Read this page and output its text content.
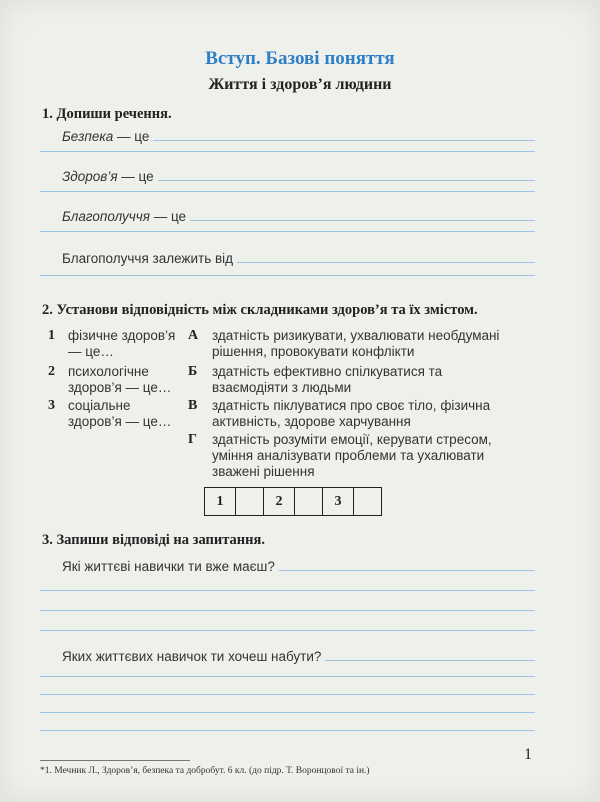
Вступ. Базові поняття
Життя і здоров’я людини
1. Допиши речення.
Безпека — це
Здоров’я — це
Благополуччя — це
Благополуччя залежить від
2. Установи відповідність між складниками здоров’я та їх змістом.
1 фізичне здоров’я — це…
2 психологічне здоров’я — це…
3 соціальне здоров’я — це…
А здатність ризикувати, ухвалювати необдумані рішення, провокувати конфлікти
Б здатність ефективно спілкуватися та взаємодіяти з людьми
В здатність піклуватися про своє тіло, фізична активність, здорове харчування
Г здатність розуміти емоції, керувати стресом, уміння аналізувати проблеми та ухалювати зважені рішення
1	2	3
3. Запиши відповіді на запитання.
Які життєві навички ти вже маєш?
Яких життєвих навичок ти хочеш набути?
1
*1. Мечник Л., Здоров’я, безпека та добробут. 6 кл. (до підр. Т. Воронцової та ін.)
